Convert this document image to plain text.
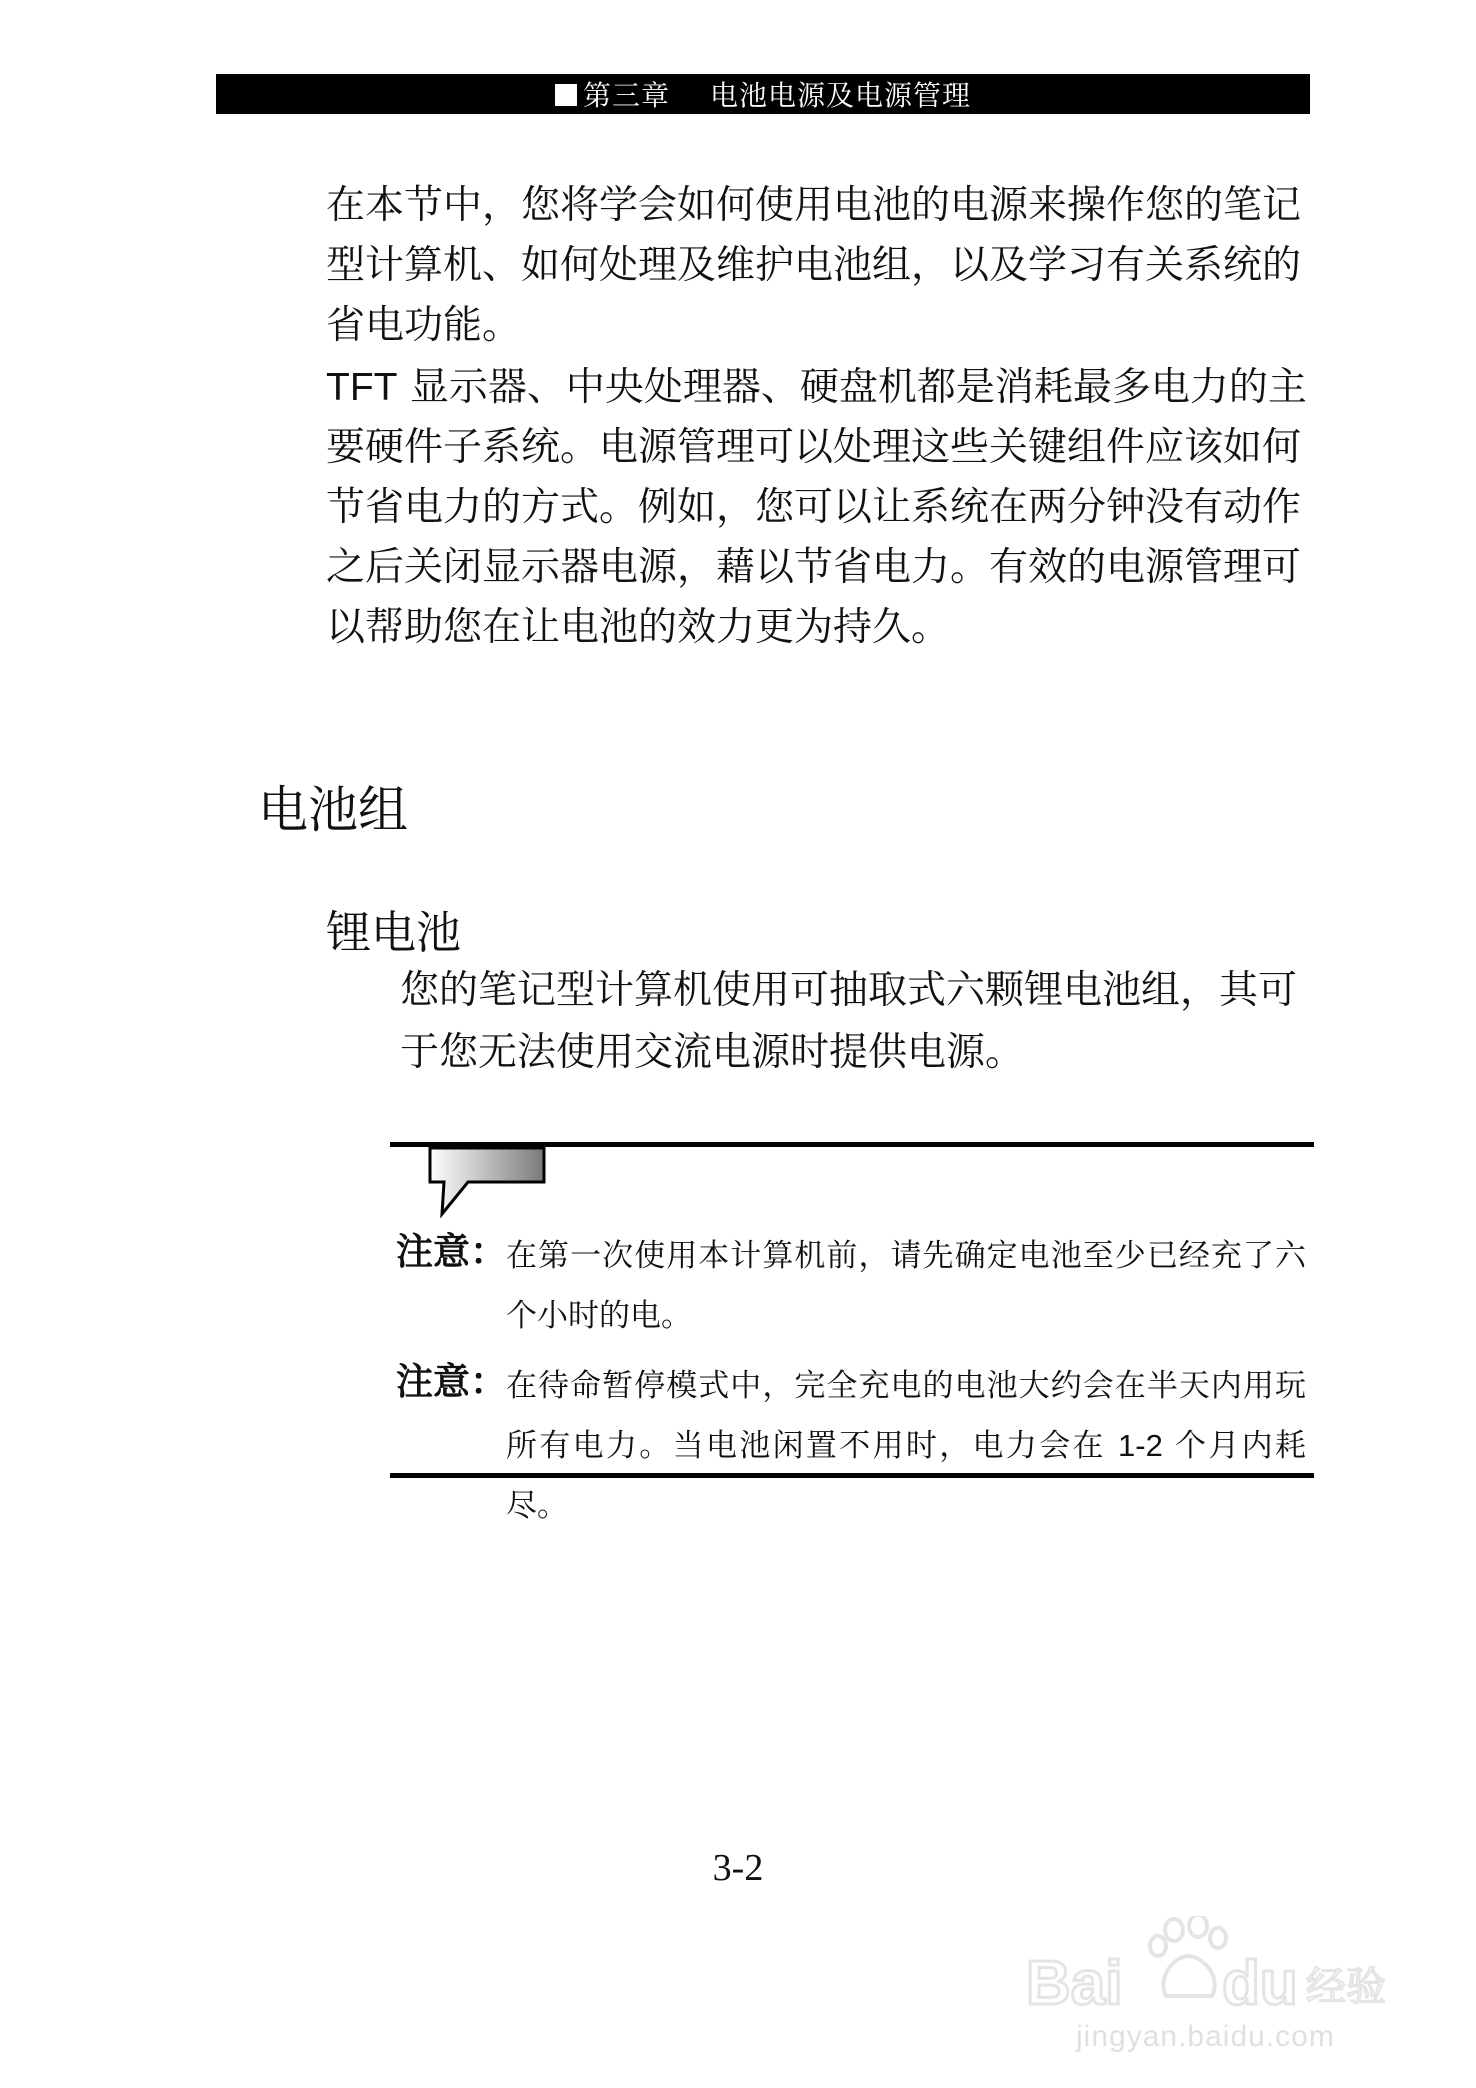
第三章 电池电源及电源管理

在本节中，您将学会如何使用电池的电源来操作您的笔记型计算机、如何处理及维护电池组，以及学习有关系统的省电功能。

TFT 显示器、中央处理器、硬盘机都是消耗最多电力的主要硬件子系统。电源管理可以处理这些关键组件应该如何节省电力的方式。例如，您可以让系统在两分钟没有动作之后关闭显示器电源，藉以节省电力。有效的电源管理可以帮助您在让电池的效力更为持久。

电池组
锂电池

您的笔记型计算机使用可抽取式六颗锂电池组，其可于您无法使用交流电源时提供电源。

注意： 在第一次使用本计算机前，请先确定电池至少已经充了六个小时的电。
注意： 在待命暂停模式中，完全充电的电池大约会在半天内用玩所有电力。当电池闲置不用时，电力会在 1-2 个月内耗尽。
3-2
Bai du 经验
jingyan.baidu.com
